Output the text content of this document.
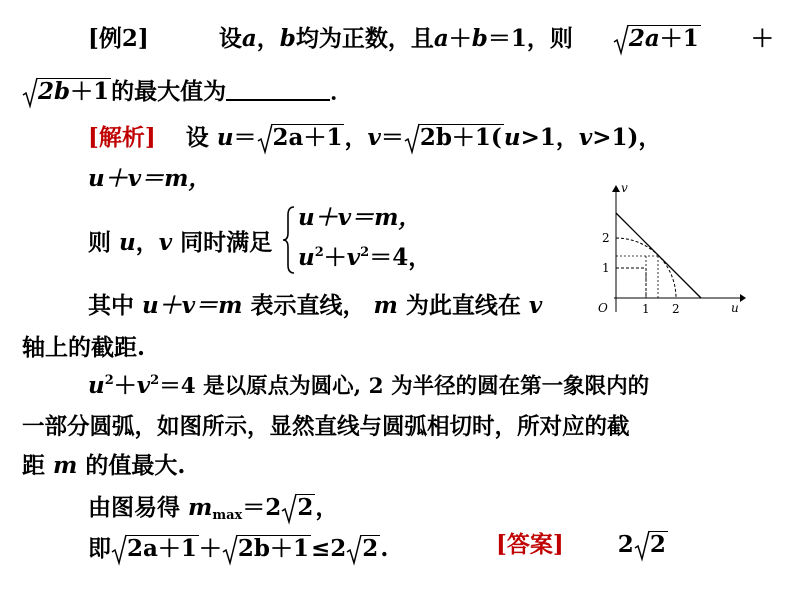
[例2]	设a，b均为正数，且a＋b＝1，则 2a＋1 ＋
2b＋1的最大值为	．
[解析] 设 u＝ 2a＋1，v＝ 2b＋1(u>1，v>1)，
u＋v＝m，
则 u，v 同时满足
u＋v＝m，
$u^2+v^2=4$，
其中 u＋v＝m 表示直线， m 为此直线在 v
轴上的截距.
$u^2+v^2=4$ 是以原点为圆心, 2 为半径的圆在第一象限内的
一部分圆弧，如图所示，显然直线与圆弧相切时，所对应的截
距 m 的值最大.
由图易得 $m_{max}=2$ 2，
即 2a＋1＋ 2b＋1≤2 2.	[答案] 2 2
v
u
O	1 2
1
2
